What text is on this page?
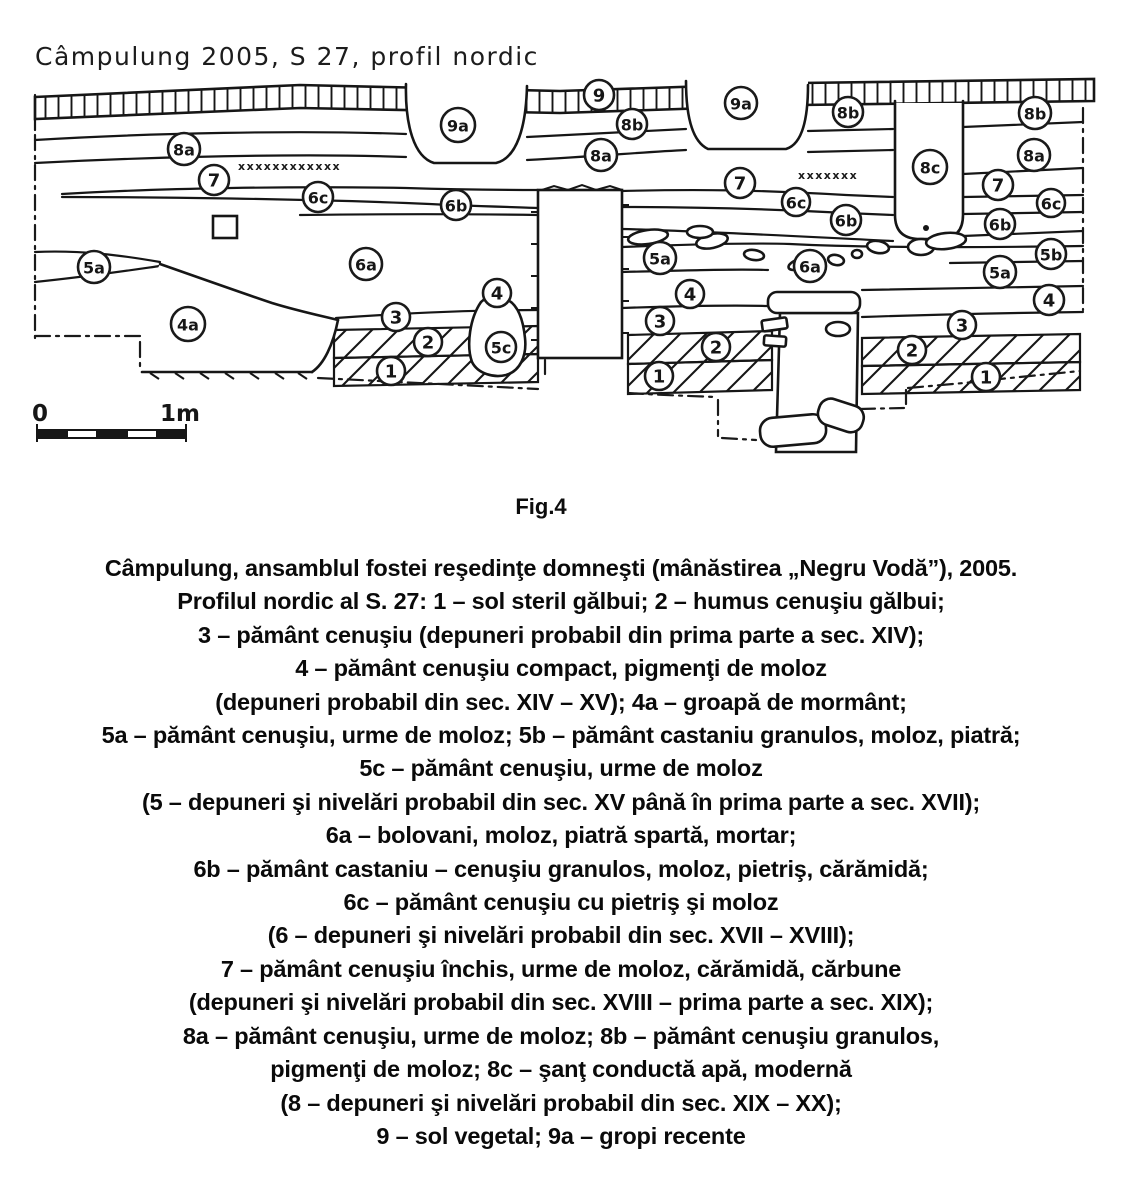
Câmpulung 2005, S 27, profil nordic
xxxxxxxxxxxx
xxxxxxx
9a
8a
7
6c	6b
5a	6a
4a	3
2
1
4
5c
9
8b
8a
9a	8b
8c
8b
8a
7
6c
6b
7
6c
6b
5b
5a
4
3
2
1
5a	6a
4
3
2
1
0	1m
Fig.4
Câmpulung, ansamblul fostei reşedinţe domneşti (mânăstirea „Negru Vodă”), 2005.
Profilul nordic al S. 27: 1 – sol steril gălbui; 2 – humus cenuşiu gălbui;
3 – pământ cenuşiu (depuneri probabil din prima parte a sec. XIV);
4 – pământ cenuşiu compact, pigmenţi de moloz
(depuneri probabil din sec. XIV – XV); 4a – groapă de mormânt;
5a – pământ cenuşiu, urme de moloz; 5b – pământ castaniu granulos, moloz, piatră;
5c – pământ cenuşiu, urme de moloz
(5 – depuneri şi nivelări probabil din sec. XV până în prima parte a sec. XVII);
6a – bolovani, moloz, piatră spartă, mortar;
6b – pământ castaniu – cenuşiu granulos, moloz, pietriş, cărămidă;
6c – pământ cenuşiu cu pietriş şi moloz
(6 – depuneri şi nivelări probabil din sec. XVII – XVIII);
7 – pământ cenuşiu închis, urme de moloz, cărămidă, cărbune
(depuneri şi nivelări probabil din sec. XVIII – prima parte a sec. XIX);
8a – pământ cenuşiu, urme de moloz; 8b – pământ cenuşiu granulos,
pigmenţi de moloz; 8c – şanţ conductă apă, modernă
(8 – depuneri şi nivelări probabil din sec. XIX – XX);
9 – sol vegetal; 9a – gropi recente
